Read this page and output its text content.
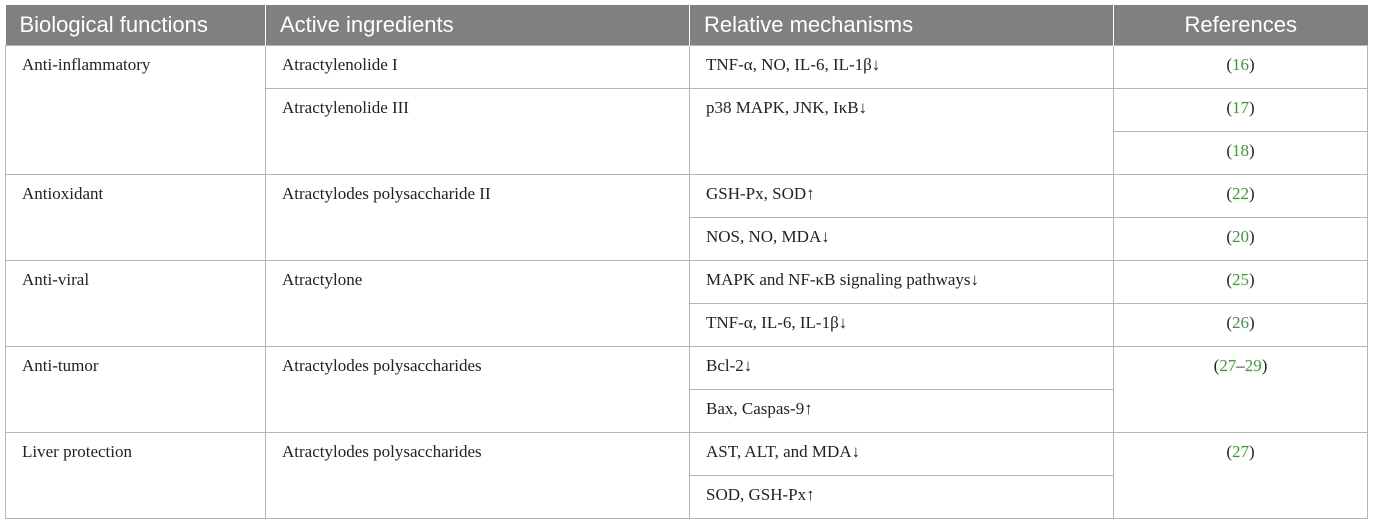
Biological functions	Active ingredients	Relative mechanisms	References
Anti-inflammatory	Atractylenolide I	TNF-α, NO, IL-6, IL-1β↓	(16)
	Atractylenolide III	p38 MAPK, JNK, IκB↓	(17)
			(18)
Antioxidant	Atractylodes polysaccharide II	GSH-Px, SOD↑	(22)
		NOS, NO, MDA↓	(20)
Anti-viral	Atractylone	MAPK and NF-κB signaling pathways↓	(25)
		TNF-α, IL-6, IL-1β↓	(26)
Anti-tumor	Atractylodes polysaccharides	Bcl-2↓	(27–29)
		Bax, Caspas-9↑	
Liver protection	Atractylodes polysaccharides	AST, ALT, and MDA↓	(27)
		SOD, GSH-Px↑	
